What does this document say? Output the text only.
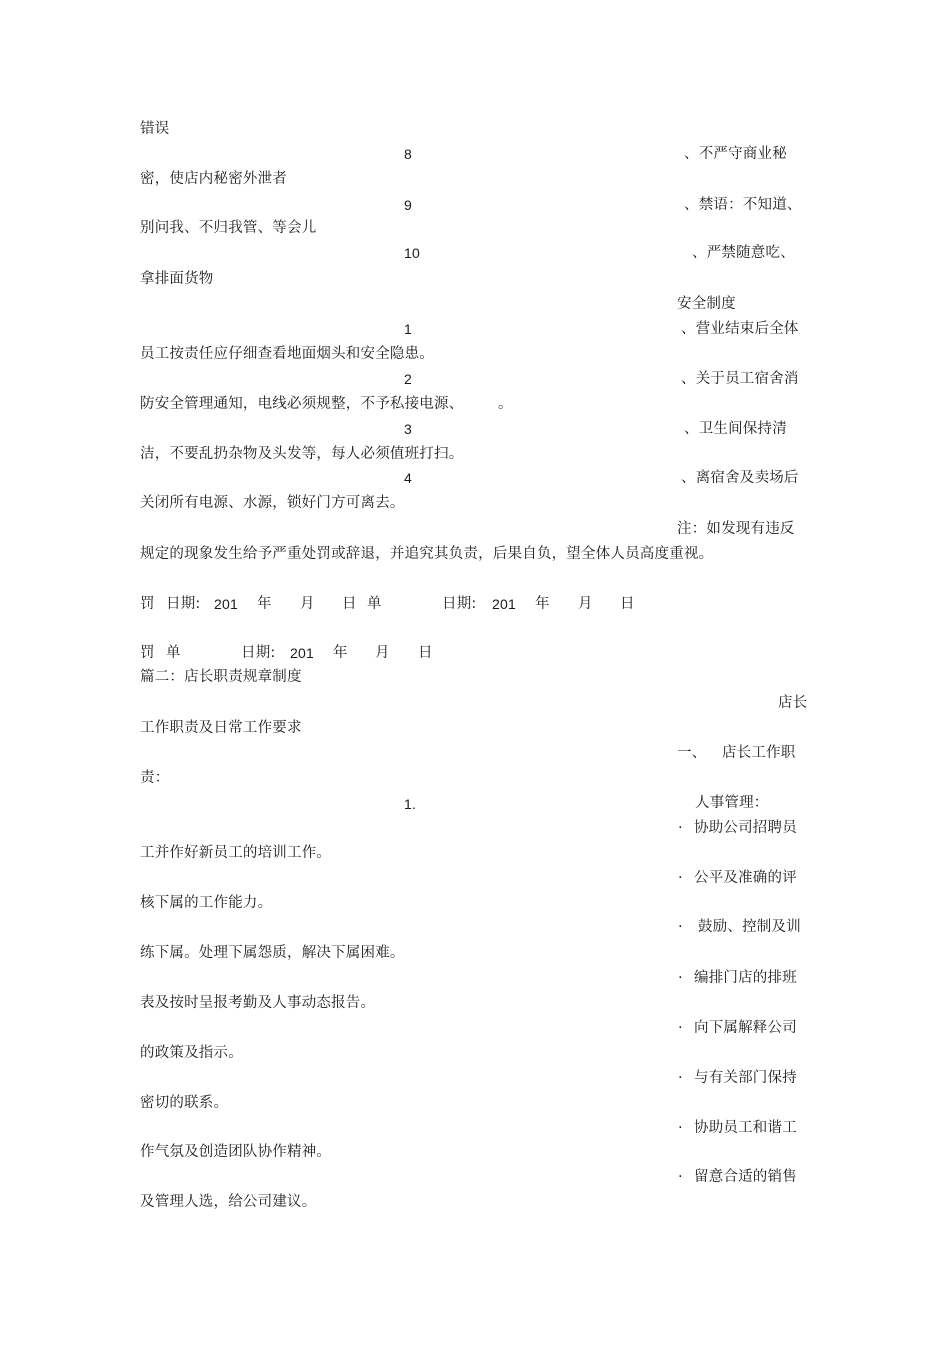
错误
8	、不严守商业秘
密，使店内秘密外泄者
9	、禁语：不知道、
别问我、不归我管、等会儿
10	、严禁随意吃、
拿排面货物
安全制度
1	、营业结束后全体
员工按责任应仔细查看地面烟头和安全隐患。
2	、关于员工宿舍消
防安全管理通知，电线必须规整，不予私接电源、 。
3	、卫生间保持清
洁，不要乱扔杂物及头发等，每人必须值班打扫。
4	、离宿舍及卖场后
关闭所有电源、水源，锁好门方可离去。
注：如发现有违反
规定的现象发生给予严重处罚或辞退，并追究其负责，后果自负，望全体人员高度重视。
罚 日期: 201 年 月 日 单	日期: 201 年 月 日
罚 单	日期: 201 年 月 日
篇二：店长职责规章制度
店长
工作职责及日常工作要求
一、 店长工作职
责：
1.	人事管理：
· 协助公司招聘员
工并作好新员工的培训工作。
· 公平及准确的评
核下属的工作能力。
· 鼓励、控制及训
练下属。处理下属怨质，解决下属困难。
· 编排门店的排班
表及按时呈报考勤及人事动态报告。
· 向下属解释公司
的政策及指示。
· 与有关部门保持
密切的联系。
· 协助员工和谐工
作气氛及创造团队协作精神。
· 留意合适的销售
及管理人选，给公司建议。
